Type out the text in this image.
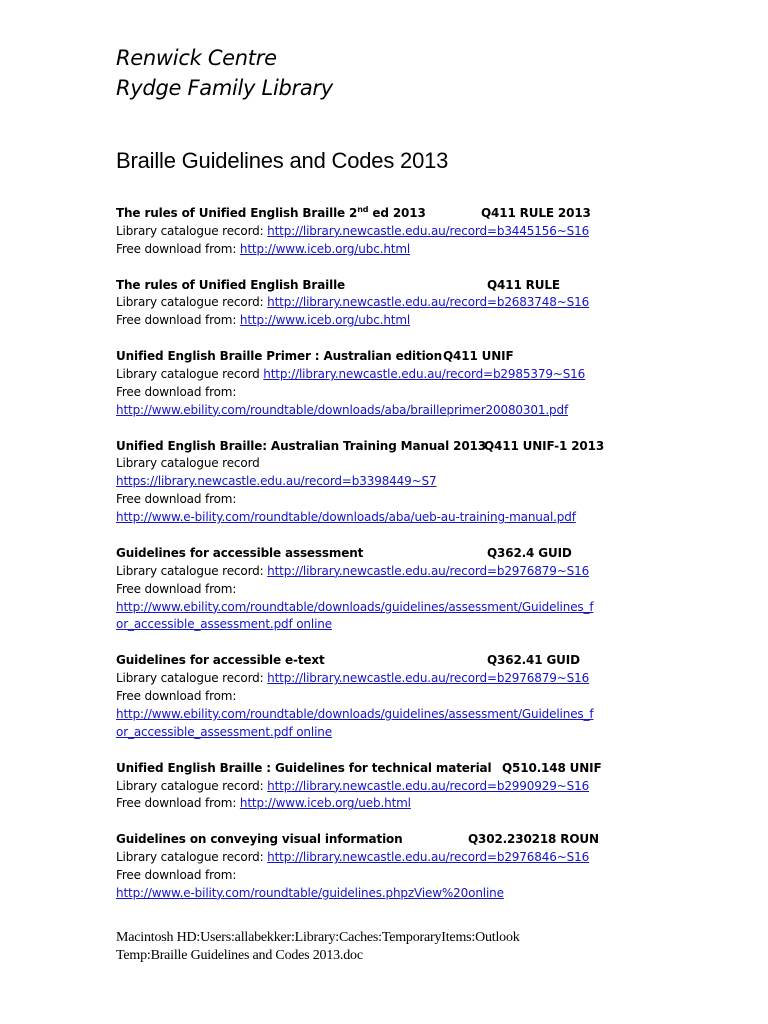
Renwick Centre
Rydge Family Library
Braille Guidelines and Codes 2013
The rules of Unified English Braille 2nd ed 2013	Q411 RULE 2013
Library catalogue record: http://library.newcastle.edu.au/record=b3445156~S16
Free download from: http://www.iceb.org/ubc.html
The rules of Unified English Braille	Q411 RULE
Library catalogue record: http://library.newcastle.edu.au/record=b2683748~S16
Free download from: http://www.iceb.org/ubc.html
Unified English Braille Primer : Australian edition Q411 UNIF
Library catalogue record http://library.newcastle.edu.au/record=b2985379~S16
Free download from:
http://www.ebility.com/roundtable/downloads/aba/brailleprimer20080301.pdf
Unified English Braille: Australian Training Manual 2013
Q411 UNIF-1 2013
Library catalogue record
https://library.newcastle.edu.au/record=b3398449~S7
Free download from:
http://www.e-bility.com/roundtable/downloads/aba/ueb-au-training-manual.pdf
Guidelines for accessible assessment	Q362.4 GUID
Library catalogue record: http://library.newcastle.edu.au/record=b2976879~S16
Free download from:
http://www.ebility.com/roundtable/downloads/guidelines/assessment/Guidelines_f
or_accessible_assessment.pdf online
Guidelines for accessible e-text	Q362.41 GUID
Library catalogue record: http://library.newcastle.edu.au/record=b2976879~S16
Free download from:
http://www.ebility.com/roundtable/downloads/guidelines/assessment/Guidelines_f
or_accessible_assessment.pdf online
Unified English Braille : Guidelines for technical material Q510.148 UNIF
Library catalogue record: http://library.newcastle.edu.au/record=b2990929~S16
Free download from: http://www.iceb.org/ueb.html
Guidelines on conveying visual information	Q302.230218 ROUN
Library catalogue record: http://library.newcastle.edu.au/record=b2976846~S16
Free download from:
http://www.e-bility.com/roundtable/guidelines.phpzView%20online
Macintosh HD:Users:allabekker:Library:Caches:TemporaryItems:Outlook
Temp:Braille Guidelines and Codes 2013.doc
